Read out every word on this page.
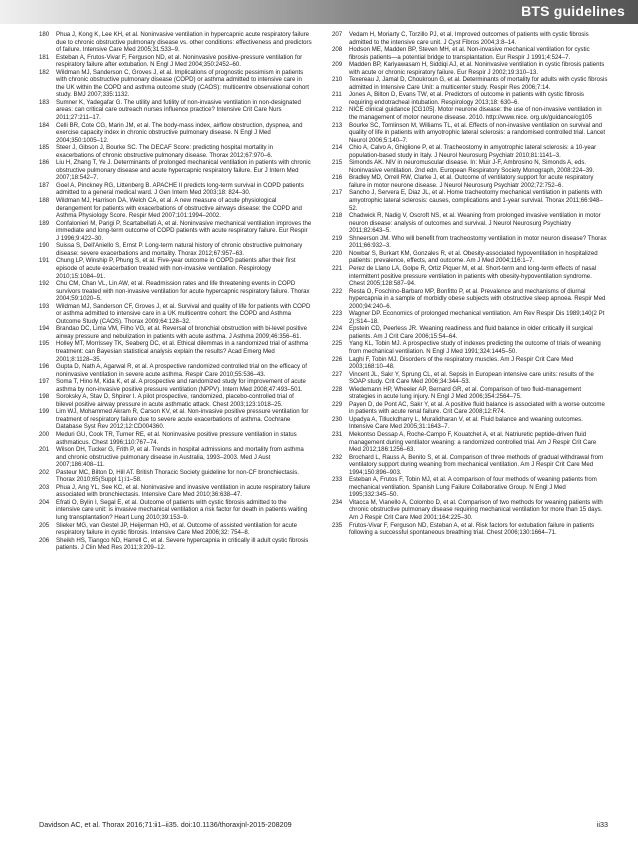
BTS guidelines
180	Phua J, Kong K, Lee KH, et al. Noninvasive ventilation in hypercapnic acute respiratory failure due to chronic obstructive pulmonary disease vs. other conditions: effectiveness and predictors of failure. Intensive Care Med 2005;31:533–9.
181	Esteban A, Frutos-Vivar F, Ferguson ND, et al. Noninvasive positive-pressure ventilation for respiratory failure after extubation. N Engl J Med 2004;350:2452–60.
182	Wildman MJ, Sanderson C, Groves J, et al. Implications of prognostic pessimism in patients with chronic obstructive pulmonary disease (COPD) or asthma admitted to intensive care in the UK within the COPD and asthma outcome study (CAOS): multicentre observational cohort study. BMJ 2007;335:1132.
183	Sumner K, Yadegafar G. The utility and futility of non-invasive ventilation in non-designated areas: can critical care outreach nurses influence practice? Intensive Crit Care Nurs 2011;27:211–17.
184	Celli BR, Cote CG, Marin JM, et al. The body-mass index, airflow obstruction, dyspnea, and exercise capacity index in chronic obstructive pulmonary disease. N Engl J Med 2004;350:1005–12.
185	Steer J, Gibson J, Bourke SC. The DECAF Score: predicting hospital mortality in exacerbations of chronic obstructive pulmonary disease. Thorax 2012;67:970–6.
186	Liu H, Zhang T, Ye J. Determinants of prolonged mechanical ventilation in patients with chronic obstructive pulmonary disease and acute hypercapnic respiratory failure. Eur J Intern Med 2007;18:542–7.
187	Goel A, Pinckney RG, Littenberg B. APACHE II predicts long-term survival in COPD patients admitted to a general medical ward. J Gen Intern Med 2003;18: 824–30.
188	Wildman MJ, Harrison DA, Welch CA, et al. A new measure of acute physiological derangement for patients with exacerbations of obstructive airways disease: the COPD and Asthma Physiology Score. Respir Med 2007;101:1994–2002.
189	Confalonieri M, Parigi P, Scartabellati A, et al. Noninvasive mechanical ventilation improves the immediate and long-term outcome of COPD patients with acute respiratory failure. Eur Respir J 1996;9:422–30.
190	Suissa S, Dell'Aniello S, Ernst P. Long-term natural history of chronic obstructive pulmonary disease: severe exacerbations and mortality. Thorax 2012;67:957–63.
191	Chung LP, Winship P, Phung S, et al. Five-year outcome in COPD patients after their first episode of acute exacerbation treated with non-invasive ventilation. Respirology 2010;15:1084–91.
192	Chu CM, Chan VL, Lin AW, et al. Readmission rates and life threatening events in COPD survivors treated with non-invasive ventilation for acute hypercapnic respiratory failure. Thorax 2004;59:1020–5.
193	Wildman MJ, Sanderson CF, Groves J, et al. Survival and quality of life for patients with COPD or asthma admitted to intensive care in a UK multicentre cohort: the COPD and Asthma Outcome Study (CAOS). Thorax 2009;64:128–32.
194	Brandao DC, Lima VM, Filho VG, et al. Reversal of bronchial obstruction with bi-level positive airway pressure and nebulization in patients with acute asthma. J Asthma 2009;46:356–61.
195	Holley MT, Morrissey TK, Seaberg DC, et al. Ethical dilemmas in a randomized trial of asthma treatment: can Bayesian statistical analysis explain the results? Acad Emerg Med 2001;8:1128–35.
196	Gupta D, Nath A, Agarwal R, et al. A prospective randomized controlled trial on the efficacy of noninvasive ventilation in severe acute asthma. Respir Care 2010;55:536–43.
197	Soma T, Hino M, Kida K, et al. A prospective and randomized study for improvement of acute asthma by non-invasive positive pressure ventilation (NPPV). Intern Med 2008;47:493–501.
198	Soroksky A, Stav D, Shpirer I. A pilot prospective, randomized, placebo-controlled trial of bilevel positive airway pressure in acute asthmatic attack. Chest 2003;123:1018–25.
199	Lim WJ, Mohammed Akram R, Carson KV, et al. Non-invasive positive pressure ventilation for treatment of respiratory failure due to severe acute exacerbations of asthma. Cochrane Database Syst Rev 2012;12:CD004360.
200	Meduri GU, Cook TR, Turner RE, et al. Noninvasive positive pressure ventilation in status asthmaticus. Chest 1996;110:767–74.
201	Wilson DH, Tucker G, Frith P, et al. Trends in hospital admissions and mortality from asthma and chronic obstructive pulmonary disease in Australia, 1993–2003. Med J Aust 2007;186:408–11.
202	Pasteur MC, Bilton D, Hill AT. British Thoracic Society guideline for non-CF bronchiectasis. Thorax 2010;65(Suppl 1):i1–58.
203	Phua J, Ang YL, See KC, et al. Noninvasive and invasive ventilation in acute respiratory failure associated with bronchiectasis. Intensive Care Med 2010;36:638–47.
204	Efrati O, Bylin I, Segal E, et al. Outcome of patients with cystic fibrosis admitted to the intensive care unit: is invasive mechanical ventilation a risk factor for death in patients waiting lung transplantation? Heart Lung 2010;39:153–9.
205	Slieker MG, van Gestel JP, Heijerman HG, et al. Outcome of assisted ventilation for acute respiratory failure in cystic fibrosis. Intensive Care Med 2006;32: 754–8.
206	Sheikh HS, Tiangco ND, Harrell C, et al. Severe hypercapnia in critically ill adult cystic fibrosis patients. J Clin Med Res 2011;3:209–12.
207	Vedam H, Moriarty C, Torzillo PJ, et al. Improved outcomes of patients with cystic fibrosis admitted to the intensive care unit. J Cyst Fibros 2004;3:8–14.
208	Hodson ME, Madden BP, Steven MH, et al. Non-invasive mechanical ventilation for cystic fibrosis patients—a potential bridge to transplantation. Eur Respir J 1991;4:524–7.
209	Madden BP, Kariyawasam H, Siddiqi AJ, et al. Noninvasive ventilation in cystic fibrosis patients with acute or chronic respiratory failure. Eur Respir J 2002;19:310–13.
210	Texereau J, Jamal D, Choukroun G, et al. Determinants of mortality for adults with cystic fibrosis admitted in Intensive Care Unit: a multicenter study. Respir Res 2006;7:14.
211	Jones A, Bilton D, Evans TW, et al. Predictors of outcome in patients with cystic fibrosis requiring endotracheal intubation. Respirology 2013;18: 630–6.
212	NICE clinical guidance [CG105]. Motor neurone disease: the use of non-invasive ventilation in the management of motor neurone disease. 2010. http://www.nice. org.uk/guidance/cg105
213	Bourke SC, Tomlinson M, Williams TL, et al. Effects of non-invasive ventilation on survival and quality of life in patients with amyotrophic lateral sclerosis: a randomised controlled trial. Lancet Neurol 2006;5:140–7.
214	Chio A, Calvo A, Ghiglione P, et al. Tracheostomy in amyotrophic lateral sclerosis: a 10-year population-based study in Italy. J Neurol Neurosurg Psychiatr 2010;81:1141–3.
215	Simonds AK. NIV in neuromuscular disease. In: Muir J-F, Ambrosino N, Simonds A, eds. Noninvasive ventilation. 2nd edn. European Respiratory Society Monograph, 2008:224–39.
216	Bradley MD, Orrell RW, Clarke J, et al. Outcome of ventilatory support for acute respiratory failure in motor neurone disease. J Neurol Neurosurg Psychiatr 2002;72:752–6.
217	Sancho J, Servera E, Diaz JL, et al. Home tracheotomy mechanical ventilation in patients with amyotrophic lateral sclerosis: causes, complications and 1-year survival. Thorax 2011;66:948–52.
218	Chadwick R, Nadig V, Oscroft NS, et al. Weaning from prolonged invasive ventilation in motor neuron disease: analysis of outcomes and survival. J Neurol Neurosurg Psychiatry 2011;82:643–5.
219	Shneerson JM. Who will benefit from tracheostomy ventilation in motor neuron disease? Thorax 2011;66:932–3.
220	Nowbar S, Burkart KM, Gonzales R, et al. Obesity-associated hypoventilation in hospitalized patients: prevalence, effects, and outcome. Am J Med 2004;116:1–7.
221	Perez de Llano LA, Golpe R, Ortiz Piquer M, et al. Short-term and long-term effects of nasal intermittent positive pressure ventilation in patients with obesity-hypoventilation syndrome. Chest 2005;128:587–94.
222	Resta O, Foschino-Barbaro MP, Bonfitto P, et al. Prevalence and mechanisms of diurnal hypercapnia in a sample of morbidly obese subjects with obstructive sleep apnoea. Respir Med 2000;94:240–6.
223	Wagner DP. Economics of prolonged mechanical ventilation. Am Rev Respir Dis 1989;140(2 Pt 2):S14–18.
224	Epstein CD, Peerless JR. Weaning readiness and fluid balance in older critically ill surgical patients. Am J Crit Care 2006;15:54–64.
225	Yang KL, Tobin MJ. A prospective study of indexes predicting the outcome of trials of weaning from mechanical ventilation. N Engl J Med 1991;324:1445–50.
226	Laghi F, Tobin MJ. Disorders of the respiratory muscles. Am J Respir Crit Care Med 2003;168:10–48.
227	Vincent JL, Sakr Y, Sprung CL, et al. Sepsis in European intensive care units: results of the SOAP study. Crit Care Med 2006;34:344–53.
228	Wiedemann HP, Wheeler AP, Bernard GR, et al. Comparison of two fluid-management strategies in acute lung injury. N Engl J Med 2006;354:2564–75.
229	Payen D, de Pont AC, Sakr Y, et al. A positive fluid balance is associated with a worse outcome in patients with acute renal failure. Crit Care 2008;12:R74.
230	Upadya A, Tilluckdharry L, Muralidharan V, et al. Fluid balance and weaning outcomes. Intensive Care Med 2005;31:1643–7.
231	Mekontso Dessap A, Roche-Campo F, Kouatchet A, et al. Natriuretic peptide-driven fluid management during ventilator weaning: a randomized controlled trial. Am J Respir Crit Care Med 2012;186:1256–63.
232	Brochard L, Rauss A, Benito S, et al. Comparison of three methods of gradual withdrawal from ventilatory support during weaning from mechanical ventilation. Am J Respir Crit Care Med 1994;150:896–903.
233	Esteban A, Frutos F, Tobin MJ, et al. A comparison of four methods of weaning patients from mechanical ventilation. Spanish Lung Failure Collaborative Group. N Engl J Med 1995;332:345–50.
234	Vitacca M, Vianello A, Colombo D, et al. Comparison of two methods for weaning patients with chronic obstructive pulmonary disease requiring mechanical ventilation for more than 15 days. Am J Respir Crit Care Med 2001;164:225–30.
235	Frutos-Vivar F, Ferguson ND, Esteban A, et al. Risk factors for extubation failure in patients following a successful spontaneous breathing trial. Chest 2006;130:1664–71.
Davidson AC, et al. Thorax 2016;71:ii1–ii35. doi:10.1136/thoraxjnl-2015-208209	ii33
